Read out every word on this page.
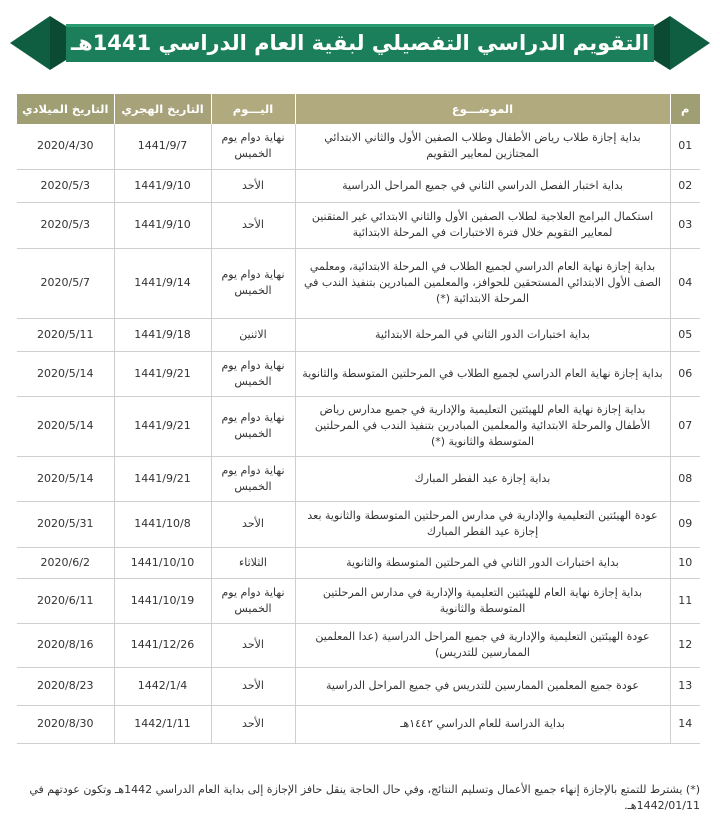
التقويم الدراسي التفصيلي لبقية العام الدراسي 1441هـ
م	الموضـــوع	اليـــوم	التاريخ الهجري	التاريخ الميلادي
01	بداية إجازة طلاب رياض الأطفال وطلاب الصفين الأول والثاني الابتدائي المجتازين لمعايير التقويم	نهاية دوام يوم الخميس	1441/9/7	2020/4/30
02	بداية اختبار الفصل الدراسي الثاني في جميع المراحل الدراسية	الأحد	1441/9/10	2020/5/3
03	استكمال البرامج العلاجية لطلاب الصفين الأول والثاني الابتدائي غير المتقنين لمعايير التقويم خلال فترة الاختبارات في المرحلة الابتدائية	الأحد	1441/9/10	2020/5/3
04	بداية إجازة نهاية العام الدراسي لجميع الطلاب في المرحلة الابتدائية، ومعلمي الصف الأول الابتدائي المستحقين للحوافز، والمعلمين المبادرين بتنفيذ الندب في المرحلة الابتدائية (*)	نهاية دوام يوم الخميس	1441/9/14	2020/5/7
05	بداية اختبارات الدور الثاني في المرحلة الابتدائية	الاثنين	1441/9/18	2020/5/11
06	بداية إجازة نهاية العام الدراسي لجميع الطلاب في المرحلتين المتوسطة والثانوية	نهاية دوام يوم الخميس	1441/9/21	2020/5/14
07	بداية إجازة نهاية العام للهيئتين التعليمية والإدارية في جميع مدارس رياض الأطفال والمرحلة الابتدائية والمعلمين المبادرين بتنفيذ الندب في المرحلتين المتوسطة والثانوية (*)	نهاية دوام يوم الخميس	1441/9/21	2020/5/14
08	بداية إجازة عيد الفطر المبارك	نهاية دوام يوم الخميس	1441/9/21	2020/5/14
09	عودة الهيئتين التعليمية والإدارية في مدارس المرحلتين المتوسطة والثانوية بعد إجازة عيد الفطر المبارك	الأحد	1441/10/8	2020/5/31
10	بداية اختبارات الدور الثاني في المرحلتين المتوسطة والثانوية	الثلاثاء	1441/10/10	2020/6/2
11	بداية إجازة نهاية العام للهيئتين التعليمية والإدارية في مدارس المرحلتين المتوسطة والثانوية	نهاية دوام يوم الخميس	1441/10/19	2020/6/11
12	عودة الهيئتين التعليمية والإدارية في جميع المراحل الدراسية (عدا المعلمين الممارسين للتدريس)	الأحد	1441/12/26	2020/8/16
13	عودة جميع المعلمين الممارسين للتدريس في جميع المراحل الدراسية	الأحد	1442/1/4	2020/8/23
14	بداية الدراسة للعام الدراسي ١٤٤٢هـ	الأحد	1442/1/11	2020/8/30
(*) يشترط للتمتع بالإجازة إنهاء جميع الأعمال وتسليم النتائج، وفي حال الحاجة ينقل حافز الإجازة إلى بداية العام الدراسي 1442هـ وتكون عودتهم في 1442/01/11هـ.
